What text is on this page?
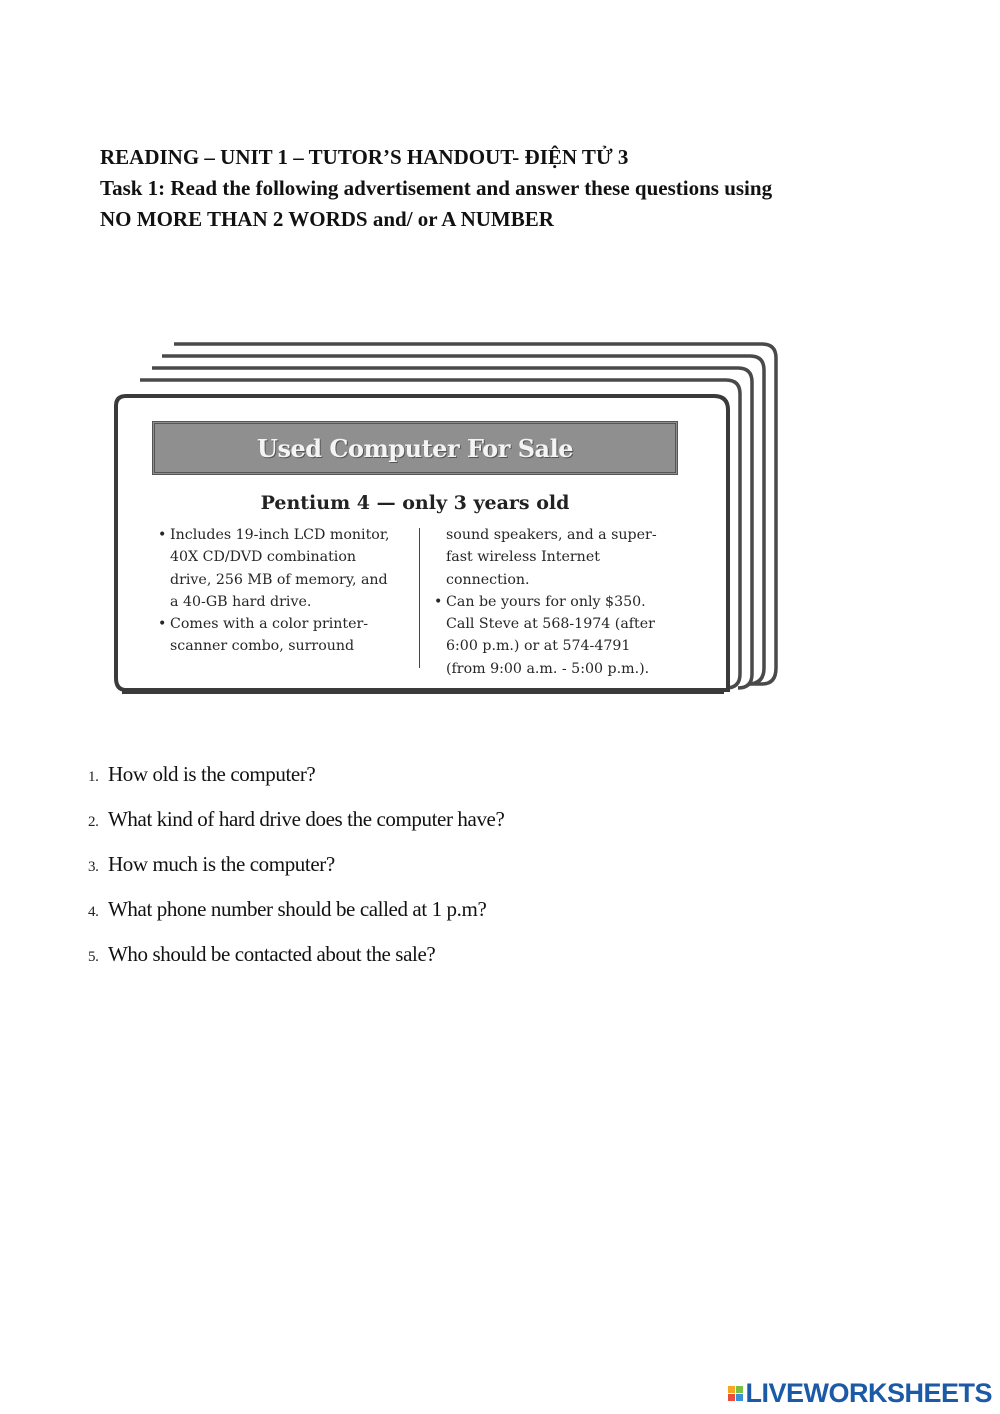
READING – UNIT 1 – TUTOR’S HANDOUT- ĐIỆN TỬ 3
Task 1: Read the following advertisement and answer these questions using
NO MORE THAN 2 WORDS and/ or A NUMBER
Used Computer For Sale
Pentium 4 — only 3 years old
• Includes 19-inch LCD monitor, 40X CD/DVD combination drive, 256 MB of memory, and a 40-GB hard drive.
• Comes with a color printer-scanner combo, surround
sound speakers, and a super-fast wireless Internet connection.
• Can be yours for only $350. Call Steve at 568-1974 (after 6:00 p.m.) or at 574-4791 (from 9:00 a.m. - 5:00 p.m.).
1. How old is the computer?
2. What kind of hard drive does the computer have?
3. How much is the computer?
4. What phone number should be called at 1 p.m?
5. Who should be contacted about the sale?
LIVEWORKSHEETS
